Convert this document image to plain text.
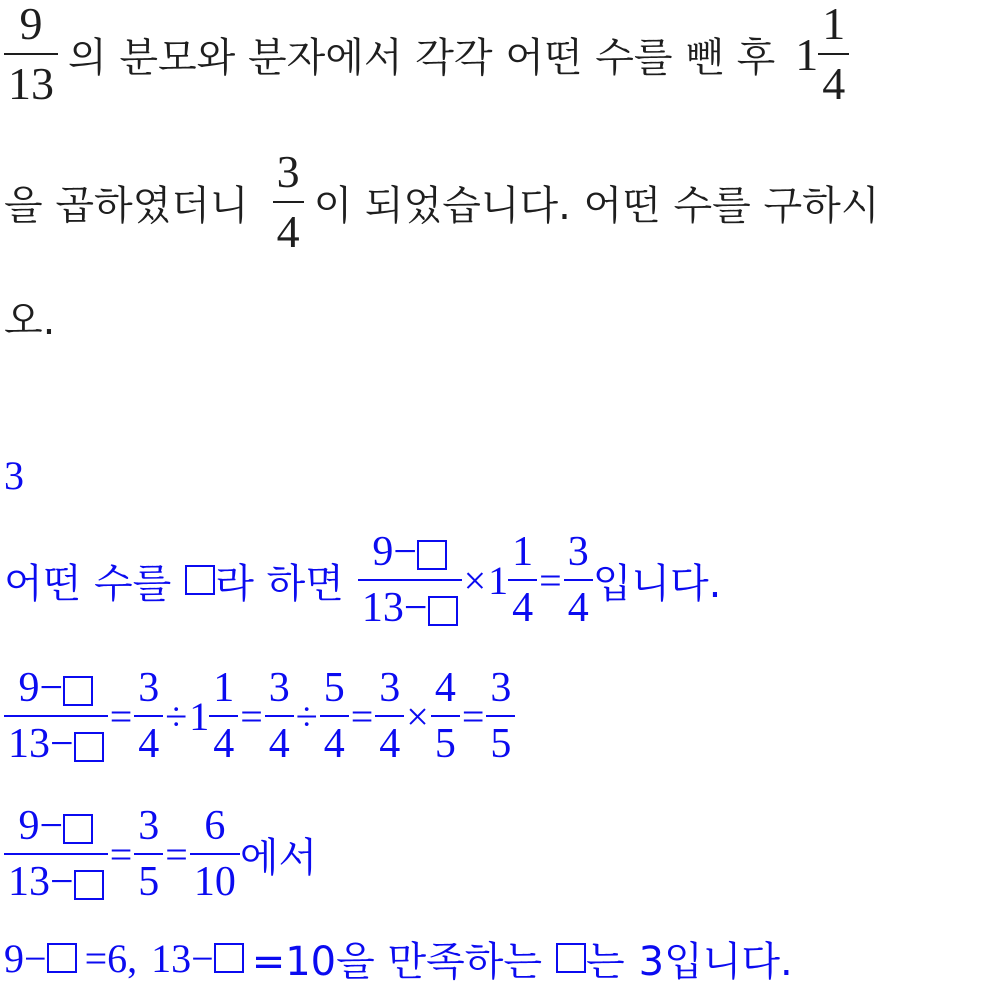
$\frac{9}{13}$ 의 분모와 분자에서 각각 어떤 수를 뺀 후 $1 \frac{1}{4}$
을 곱하였더니 $\frac{3}{4}$ 이 되었습니다. 어떤 수를 구하시
오.
3
어떤 수를 라 하면 $\frac{9-}{13-} \times 1 \frac{1}{4} = \frac{3}{4}$ 입니다.
$\frac{9-}{13-} = \frac{3}{4} \div 1 \frac{1}{4} = \frac{3}{4} \div \frac{5}{4} = \frac{3}{4} \times \frac{4}{5} = \frac{3}{5}$
$\frac{9-}{13-} = \frac{3}{5} = \frac{6}{10}$ 에서
9− =6, 13− =10을 만족하는 는 3입니다.
